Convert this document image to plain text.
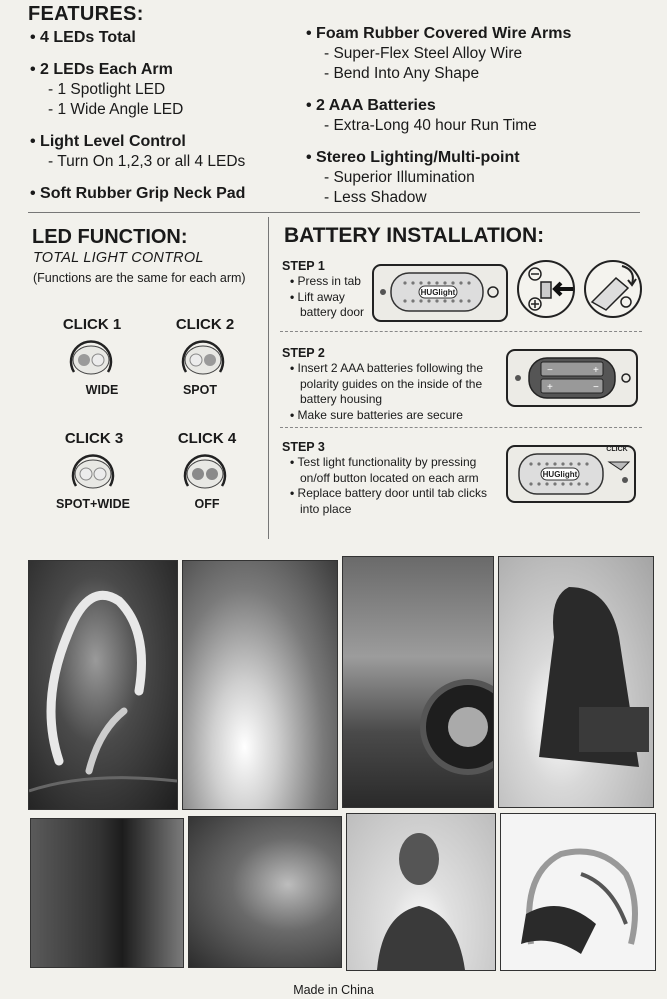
FEATURES:
• 4 LEDs Total
• 2 LEDs Each Arm
- 1 Spotlight LED
- 1 Wide Angle LED
• Light Level Control
- Turn On 1,2,3 or all 4 LEDs
• Soft Rubber Grip Neck Pad
• Foam Rubber Covered Wire Arms
- Super-Flex Steel Alloy Wire
- Bend Into Any Shape
• 2 AAA Batteries
- Extra-Long 40 hour Run Time
• Stereo Lighting/Multi-point
- Superior Illumination
- Less Shadow
LED FUNCTION:
TOTAL LIGHT CONTROL
(Functions are the same for each arm)
CLICK 1
WIDE
CLICK 2
SPOT
CLICK 3
SPOT+WIDE
CLICK 4
OFF
BATTERY INSTALLATION:
STEP 1
• Press in tab
• Lift away battery door
HUGlight
STEP 2
• Insert 2 AAA batteries following the polarity guides on the inside of the battery housing
• Make sure batteries are secure
−	+
+	−
STEP 3
• Test light functionality by pressing on/off button located on each arm
• Replace battery door until tab clicks into place
HUGlight
CLICK
Made in China
